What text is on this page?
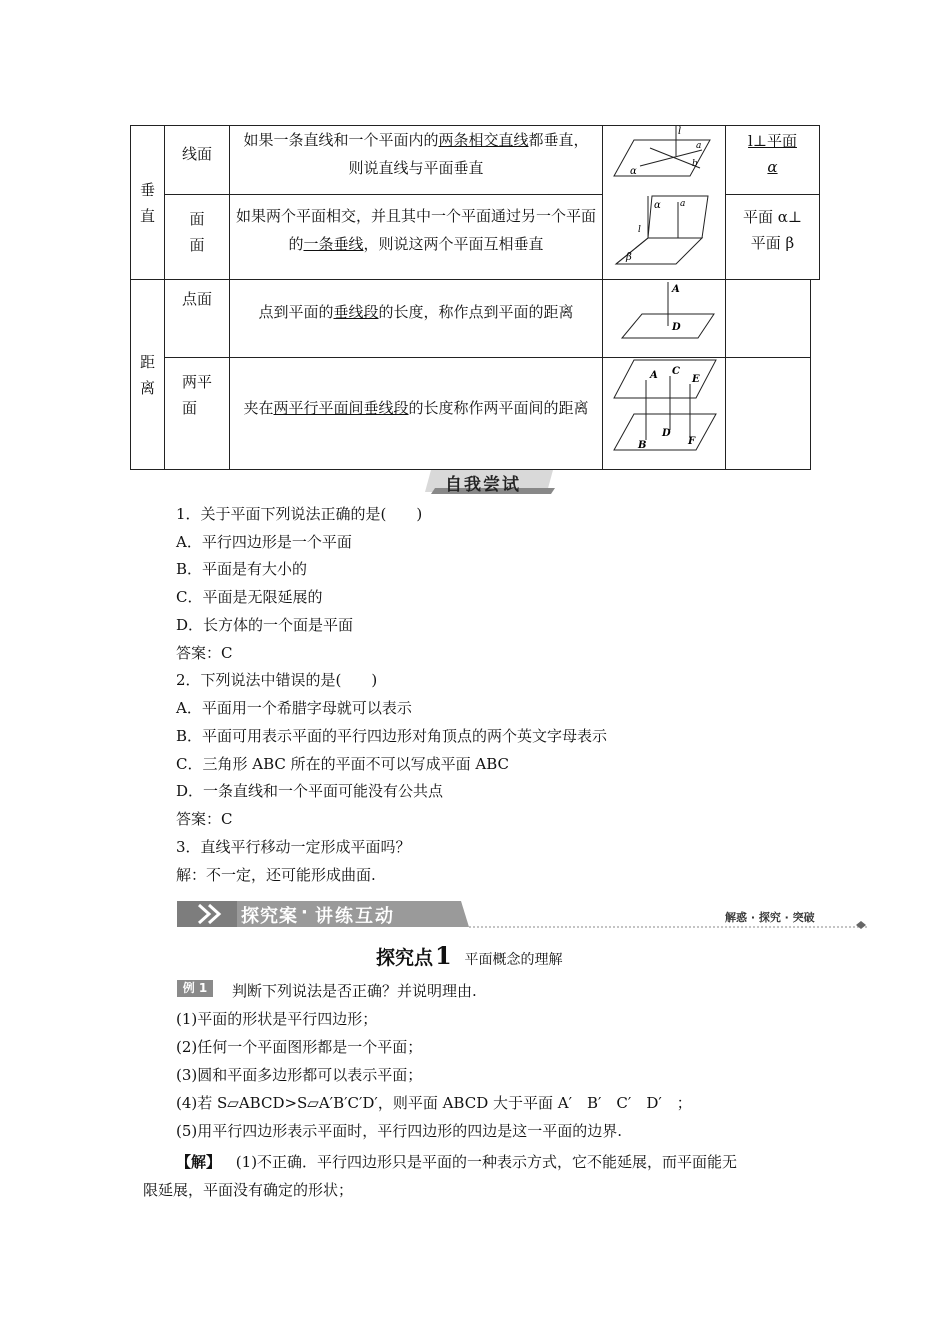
垂
直
距
离
线面
面
面
点面
两平
面
如果一条直线和一个平面内的两条相交直线都垂直，则说直线与平面垂直
如果两个平面相交，并且其中一个平面通过另一个平面的一条垂线，则说这两个平面互相垂直
点到平面的垂线段的长度，称作点到平面的距离
夹在两平行平面间垂线段的长度称作两平面间的距离
l⊥平面
α
平面 α⊥
平面 β
l
a
b
α
α a
l
β
A
D
A C
E
B
D
F
自我尝试
1．关于平面下列说法正确的是(　　)
A．平行四边形是一个平面
B．平面是有大小的
C．平面是无限延展的
D．长方体的一个面是平面
答案：C
2．下列说法中错误的是(　　)
A．平面用一个希腊字母就可以表示
B．平面可用表示平面的平行四边形对角顶点的两个英文字母表示
C．三角形 ABC 所在的平面不可以写成平面 ABC
D．一条直线和一个平面可能没有公共点
答案：C
3．直线平行移动一定形成平面吗？
解：不一定，还可能形成曲面.
探究案 · 讲练互动	解惑 · 探究 · 突破
探究点1 平面概念的理解
例 1	判断下列说法是否正确？并说明理由.
(1)平面的形状是平行四边形；
(2)任何一个平面图形都是一个平面；
(3)圆和平面多边形都可以表示平面；
(4)若 S▱ABCD>S▱A′B′C′D′，则平面 ABCD 大于平面 A′　B′　C′　D′　；
(5)用平行四边形表示平面时，平行四边形的四边是这一平面的边界.
【解】 (1)不正确．平行四边形只是平面的一种表示方式，它不能延展，而平面能无
限延展，平面没有确定的形状；
